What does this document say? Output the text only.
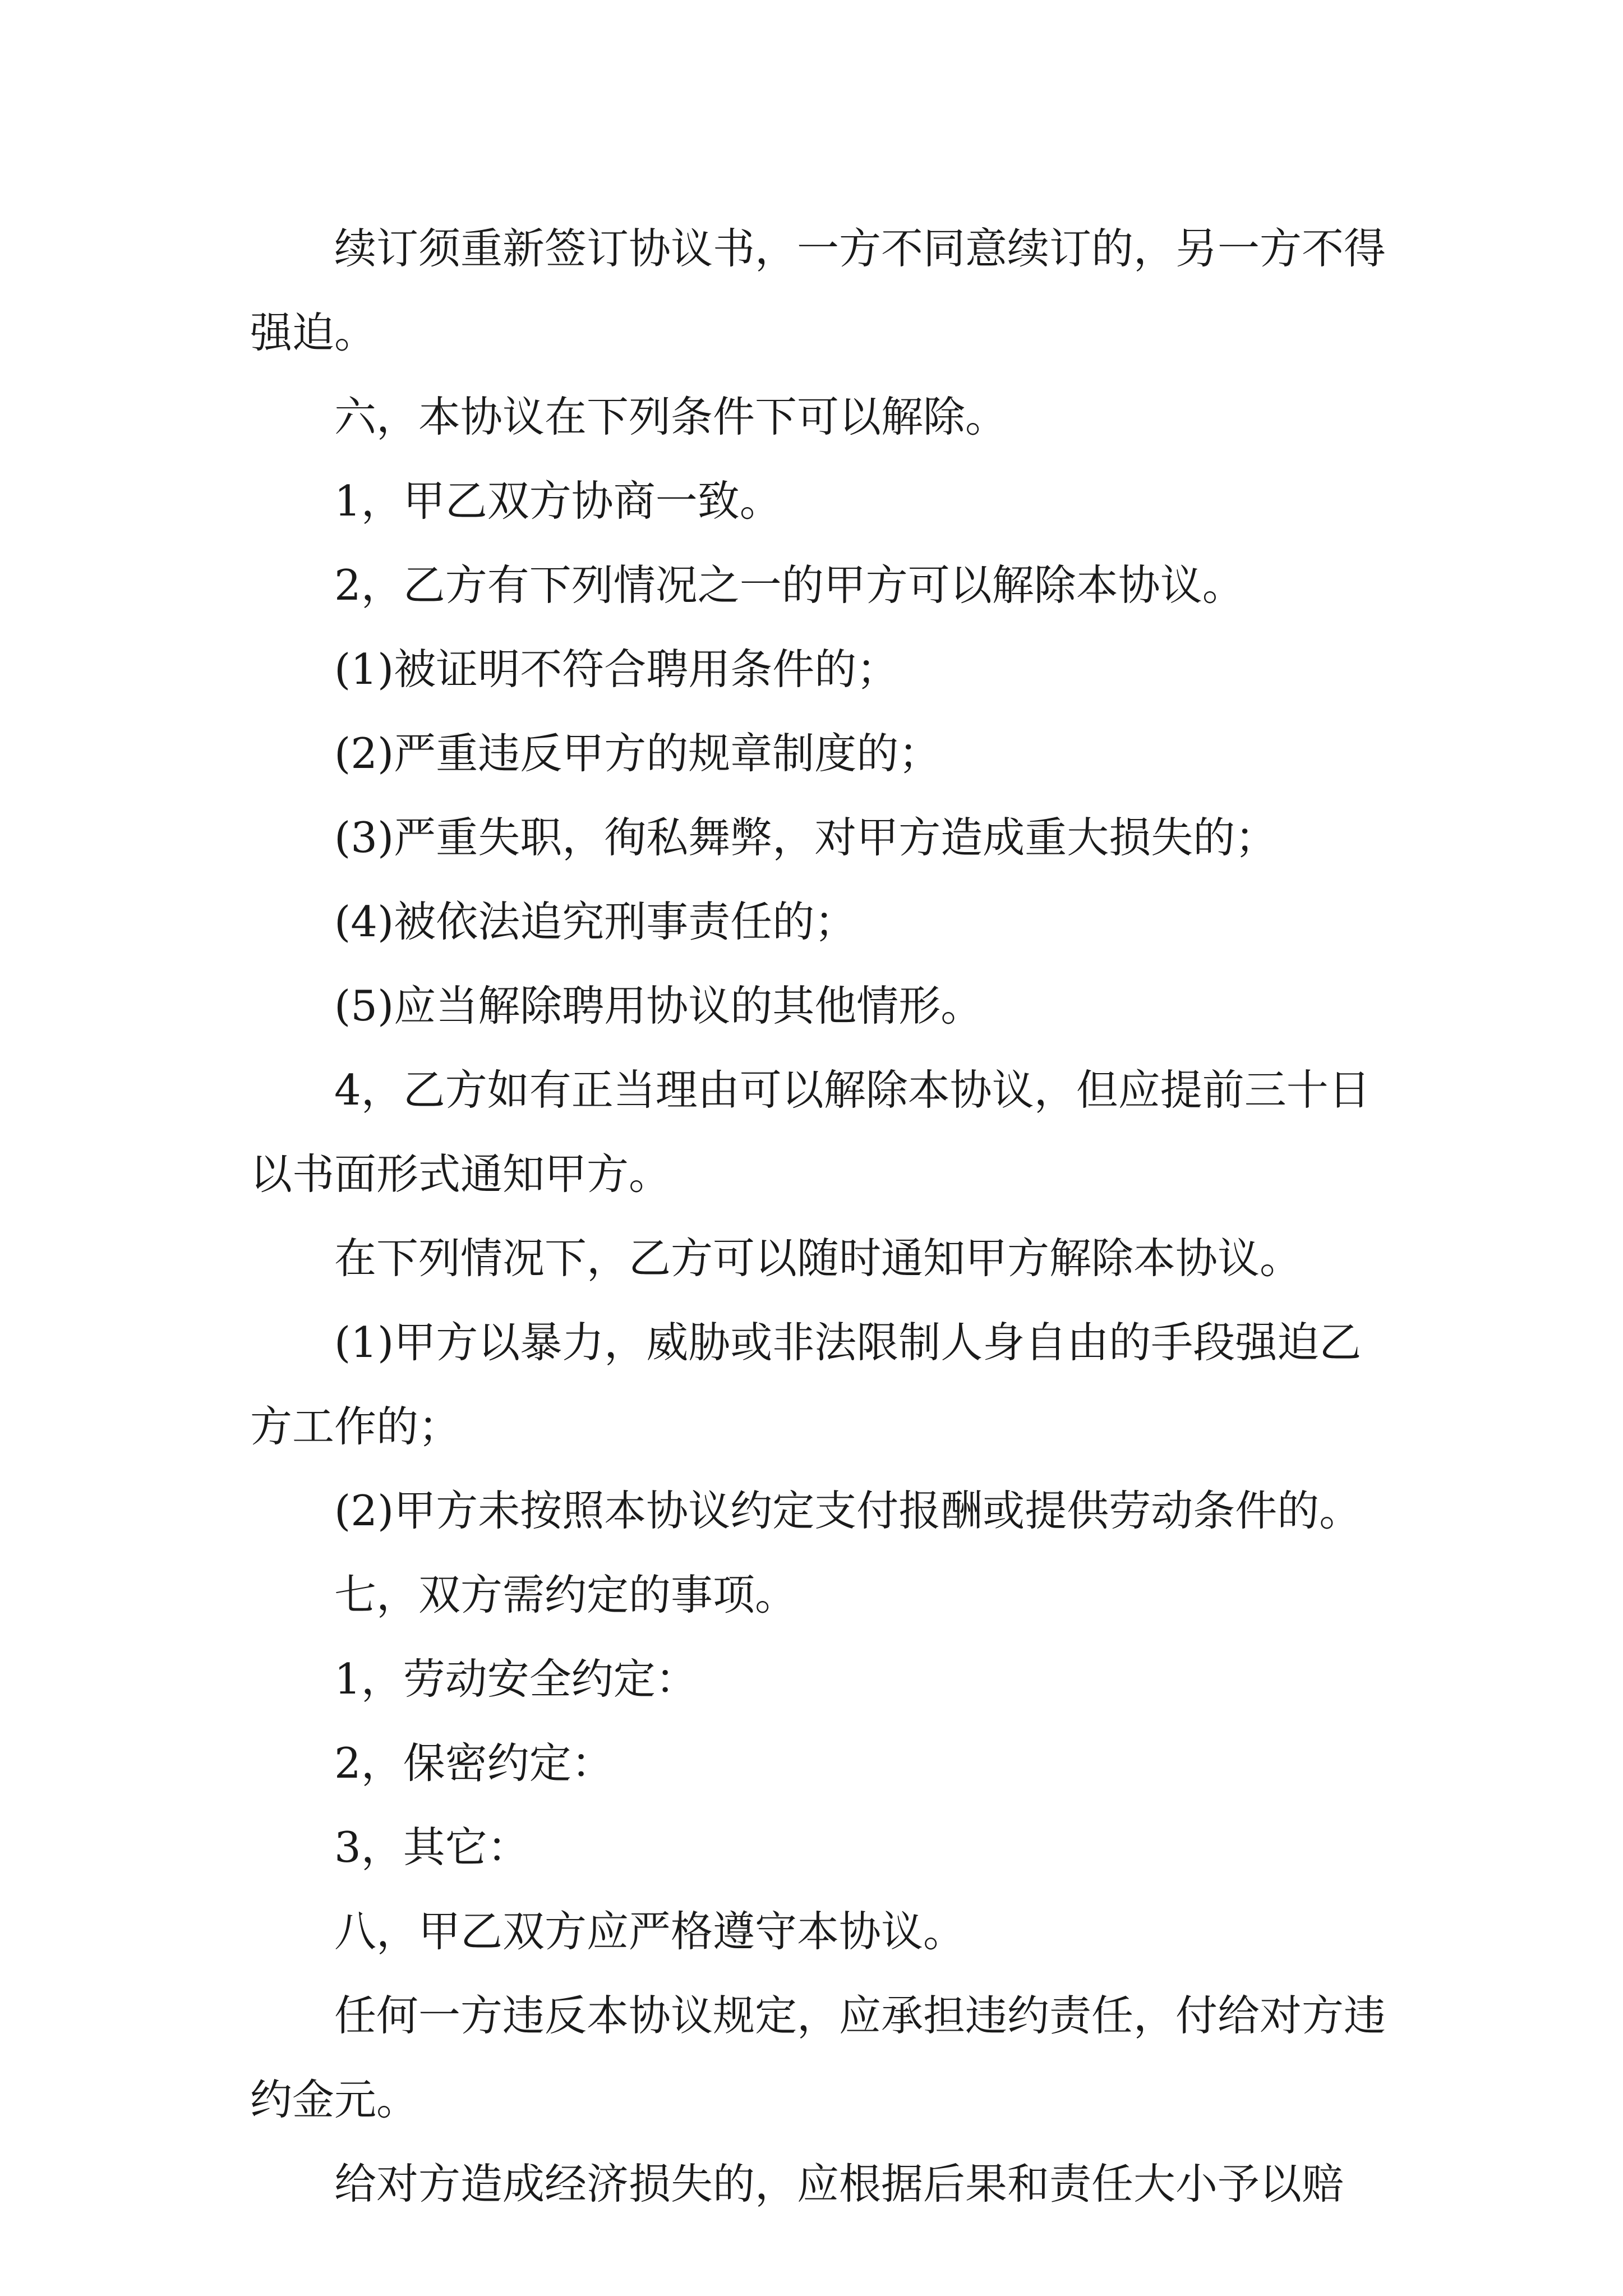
续订须重新签订协议书，一方不同意续订的，另一方不得强迫。

六，本协议在下列条件下可以解除。

1，甲乙双方协商一致。

2，乙方有下列情况之一的甲方可以解除本协议。

(1)被证明不符合聘用条件的；

(2)严重违反甲方的规章制度的；

(3)严重失职，徇私舞弊，对甲方造成重大损失的；

(4)被依法追究刑事责任的；

(5)应当解除聘用协议的其他情形。

4，乙方如有正当理由可以解除本协议，但应提前三十日以书面形式通知甲方。

在下列情况下，乙方可以随时通知甲方解除本协议。

(1)甲方以暴力，威胁或非法限制人身自由的手段强迫乙方工作的；

(2)甲方未按照本协议约定支付报酬或提供劳动条件的。

七，双方需约定的事项。

1，劳动安全约定：

2，保密约定：

3，其它：

八，甲乙双方应严格遵守本协议。

任何一方违反本协议规定，应承担违约责任，付给对方违约金元。

给对方造成经济损失的，应根据后果和责任大小予以赔
